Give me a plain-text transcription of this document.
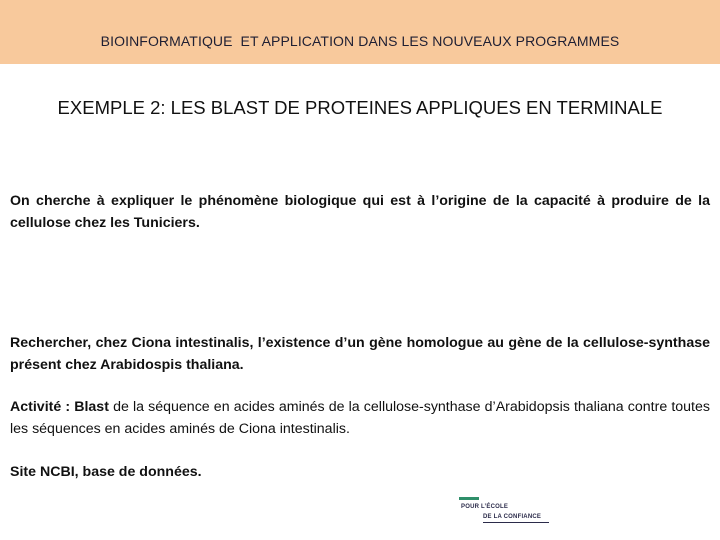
BIOINFORMATIQUE  ET APPLICATION DANS LES NOUVEAUX PROGRAMMES
EXEMPLE 2: LES BLAST DE PROTEINES APPLIQUES EN TERMINALE
On cherche à expliquer le phénomène biologique qui est à l’origine de la capacité à produire de la cellulose chez les Tuniciers.
Rechercher, chez Ciona intestinalis, l’existence d’un gène homologue au gène de la cellulose-synthase présent chez Arabidospis thaliana.
Activité : Blast de la séquence en acides aminés de la cellulose-synthase d’Arabidopsis thaliana contre toutes les séquences en acides aminés de Ciona intestinalis.
Site NCBI, base de données.
POUR L’ÉCOLE
DE LA CONFIANCE
